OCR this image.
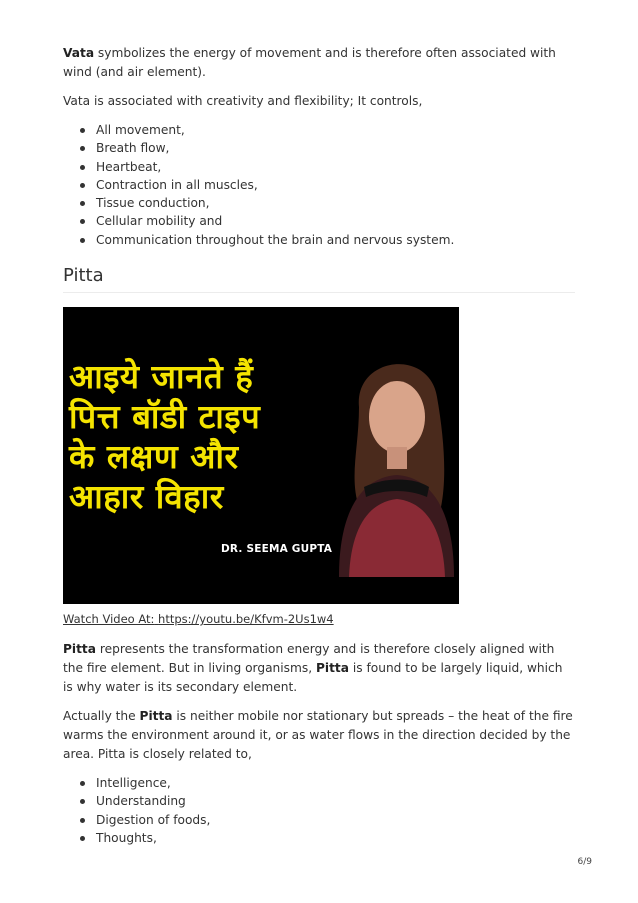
Vata symbolizes the energy of movement and is therefore often associated with wind (and air element).

Vata is associated with creativity and flexibility; It controls,

All movement,
Breath flow,
Heartbeat,
Contraction in all muscles,
Tissue conduction,
Cellular mobility and
Communication throughout the brain and nervous system.
Pitta
आइये जानते हैं
पित्त बॉडी टाइप
के लक्षण और
आहार विहार
DR. SEEMA GUPTA
Watch Video At: https://youtu.be/Kfvm-2Us1w4

Pitta represents the transformation energy and is therefore closely aligned with the fire element. But in living organisms, Pitta is found to be largely liquid, which is why water is its secondary element.

Actually the Pitta is neither mobile nor stationary but spreads – the heat of the fire warms the environment around it, or as water flows in the direction decided by the area. Pitta is closely related to,

Intelligence,
Understanding
Digestion of foods,
Thoughts,
6/9
